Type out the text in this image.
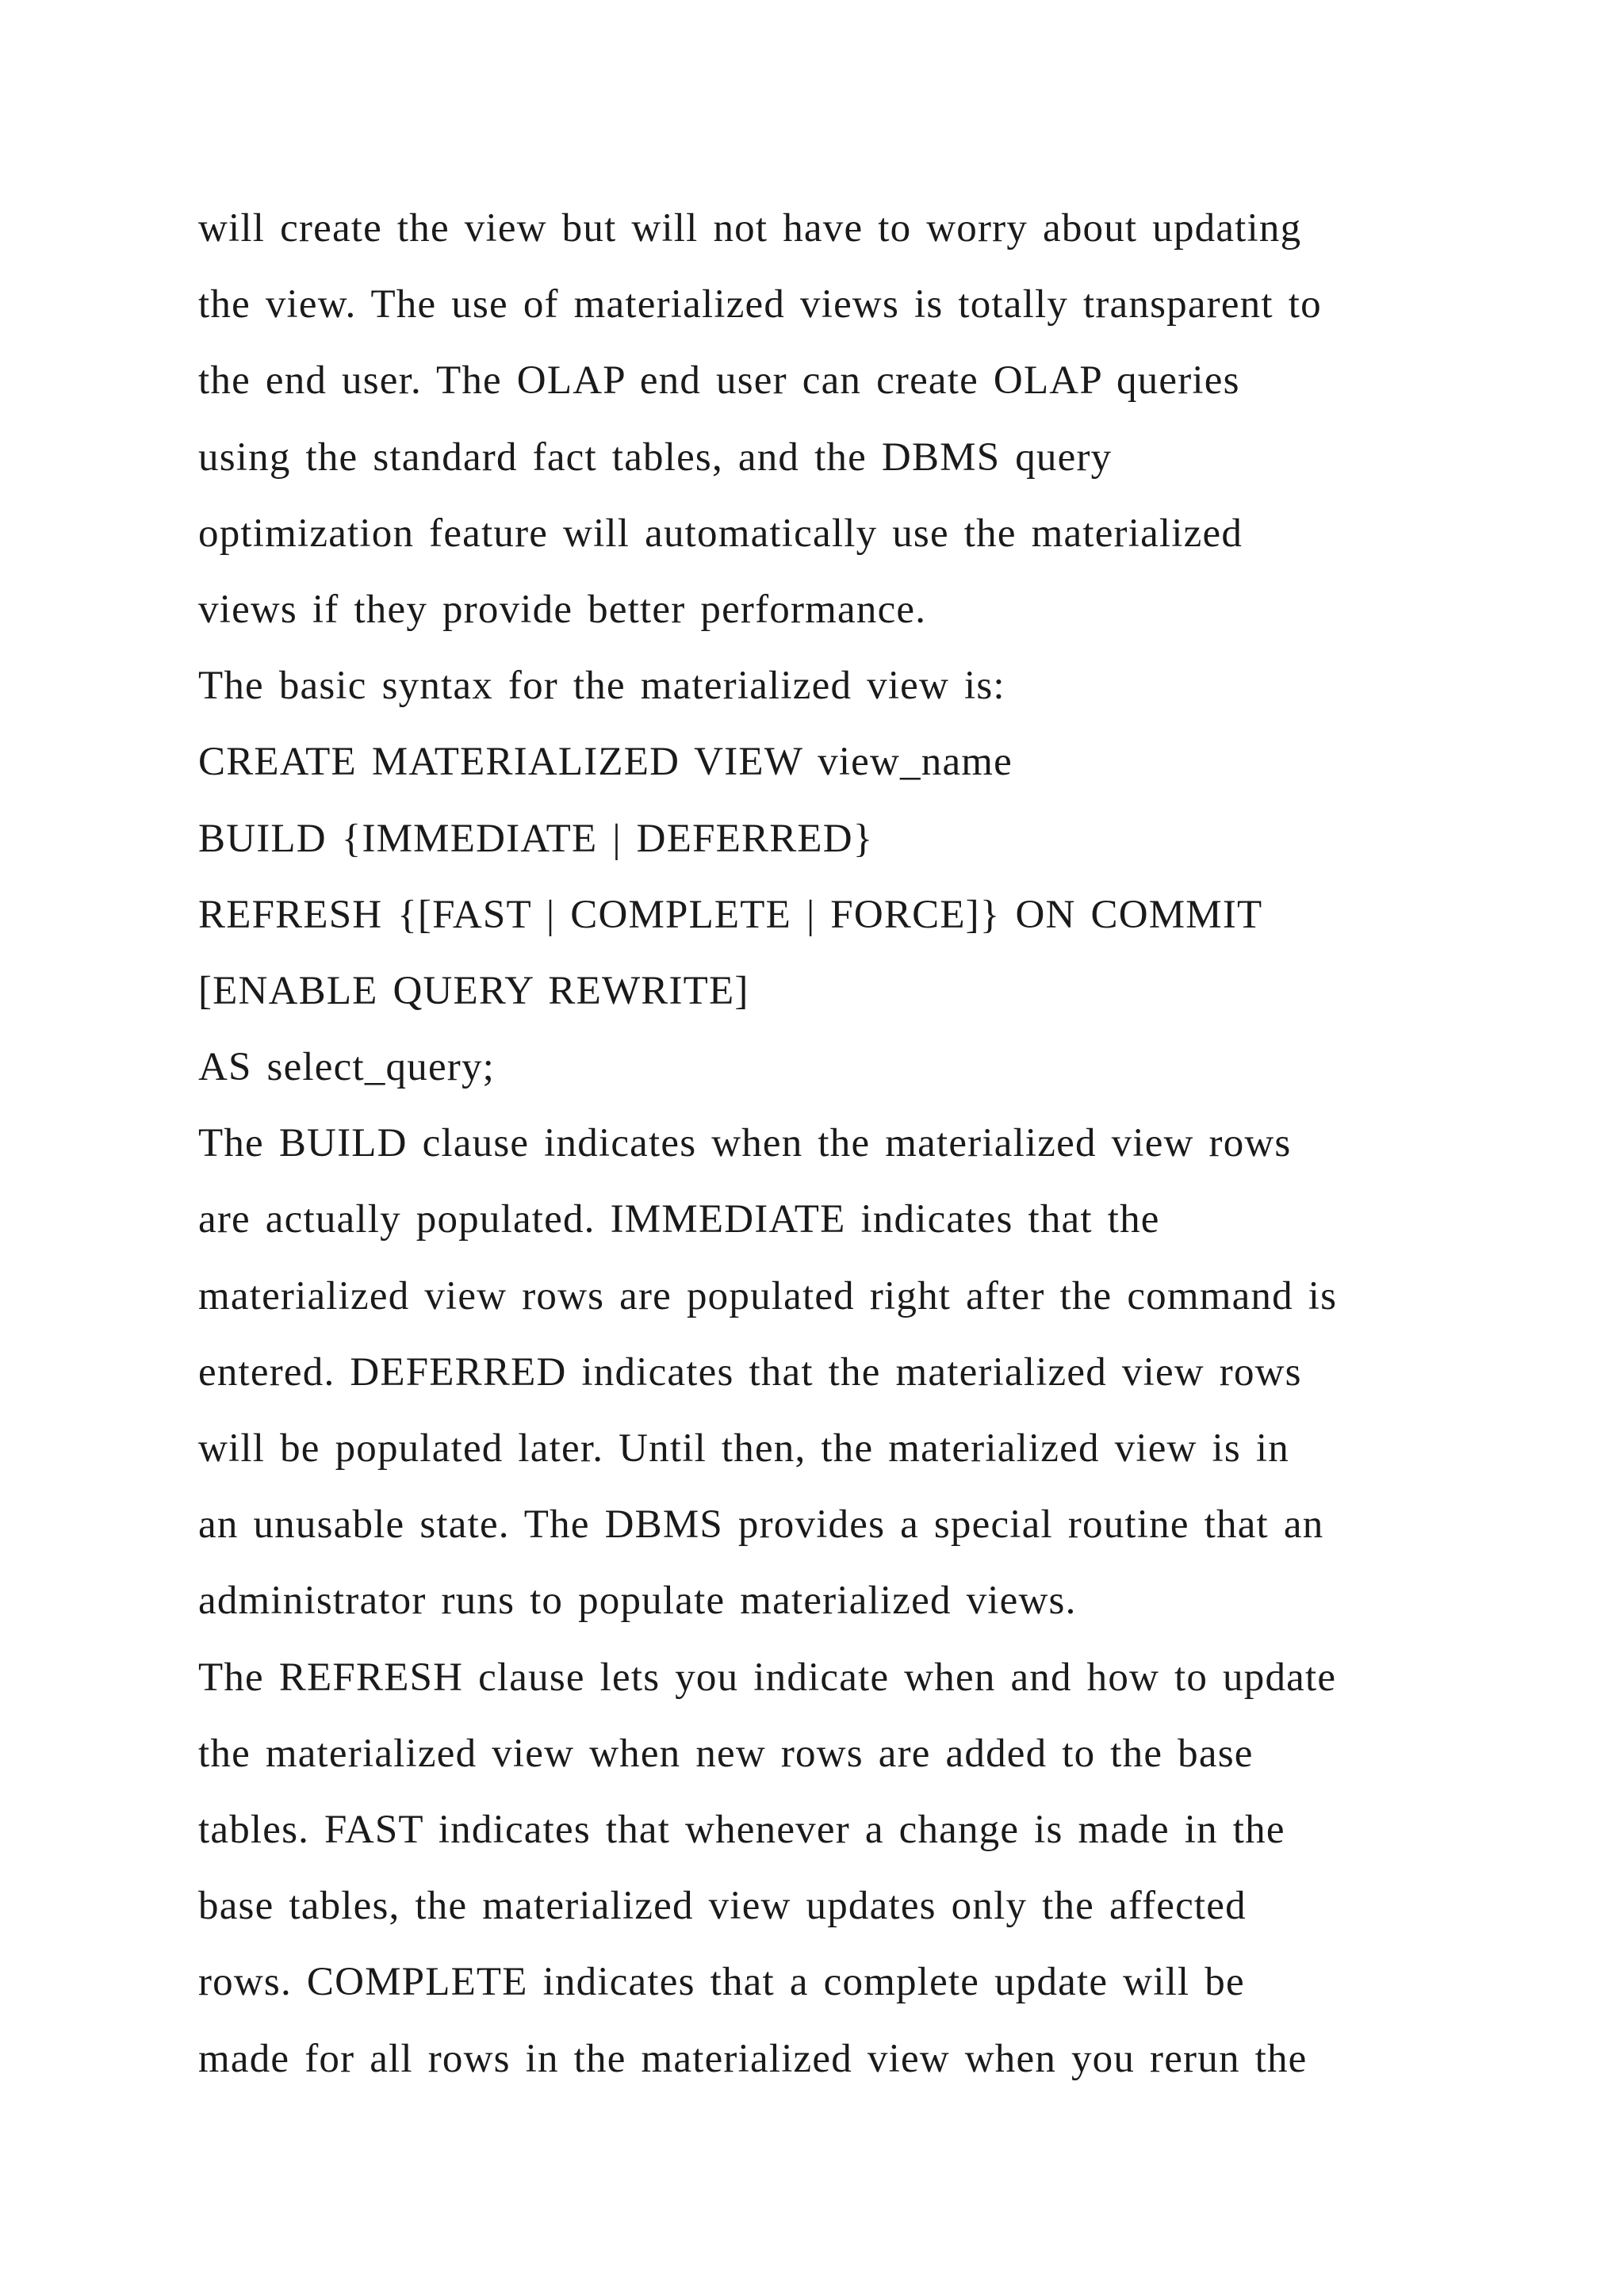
will create the view but will not have to worry about updating
the view. The use of materialized views is totally transparent to
the end user. The OLAP end user can create OLAP queries
using the standard fact tables, and the DBMS query
optimization feature will automatically use the materialized
views if they provide better performance.
The basic syntax for the materialized view is:
CREATE MATERIALIZED VIEW view_name
BUILD {IMMEDIATE | DEFERRED}
REFRESH {[FAST | COMPLETE | FORCE]} ON COMMIT
[ENABLE QUERY REWRITE]
AS select_query;
The BUILD clause indicates when the materialized view rows
are actually populated. IMMEDIATE indicates that the
materialized view rows are populated right after the command is
entered. DEFERRED indicates that the materialized view rows
will be populated later. Until then, the materialized view is in
an unusable state. The DBMS provides a special routine that an
administrator runs to populate materialized views.
The REFRESH clause lets you indicate when and how to update
the materialized view when new rows are added to the base
tables. FAST indicates that whenever a change is made in the
base tables, the materialized view updates only the affected
rows. COMPLETE indicates that a complete update will be
made for all rows in the materialized view when you rerun the
